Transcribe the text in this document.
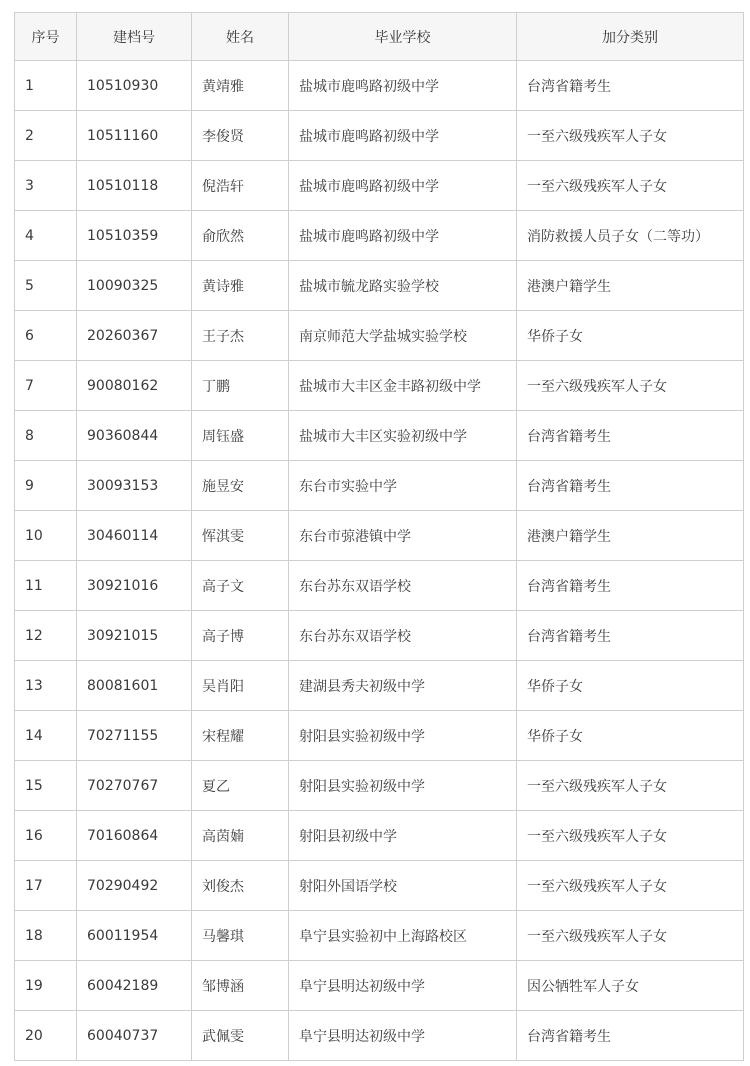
序号	建档号	姓名	毕业学校	加分类别
1	10510930	黄靖雅	盐城市鹿鸣路初级中学	台湾省籍考生
2	10511160	李俊贤	盐城市鹿鸣路初级中学	一至六级残疾军人子女
3	10510118	倪浩轩	盐城市鹿鸣路初级中学	一至六级残疾军人子女
4	10510359	俞欣然	盐城市鹿鸣路初级中学	消防救援人员子女（二等功）
5	10090325	黄诗雅	盐城市毓龙路实验学校	港澳户籍学生
6	20260367	王子杰	南京师范大学盐城实验学校	华侨子女
7	90080162	丁鹏	盐城市大丰区金丰路初级中学	一至六级残疾军人子女
8	90360844	周钰盛	盐城市大丰区实验初级中学	台湾省籍考生
9	30093153	施昱安	东台市实验中学	台湾省籍考生
10	30460114	恽淇雯	东台市弶港镇中学	港澳户籍学生
11	30921016	高子文	东台苏东双语学校	台湾省籍考生
12	30921015	高子博	东台苏东双语学校	台湾省籍考生
13	80081601	吴肖阳	建湖县秀夫初级中学	华侨子女
14	70271155	宋程耀	射阳县实验初级中学	华侨子女
15	70270767	夏乙	射阳县实验初级中学	一至六级残疾军人子女
16	70160864	高茵婻	射阳县初级中学	一至六级残疾军人子女
17	70290492	刘俊杰	射阳外国语学校	一至六级残疾军人子女
18	60011954	马馨琪	阜宁县实验初中上海路校区	一至六级残疾军人子女
19	60042189	邹博涵	阜宁县明达初级中学	因公牺牲军人子女
20	60040737	武佩雯	阜宁县明达初级中学	台湾省籍考生
